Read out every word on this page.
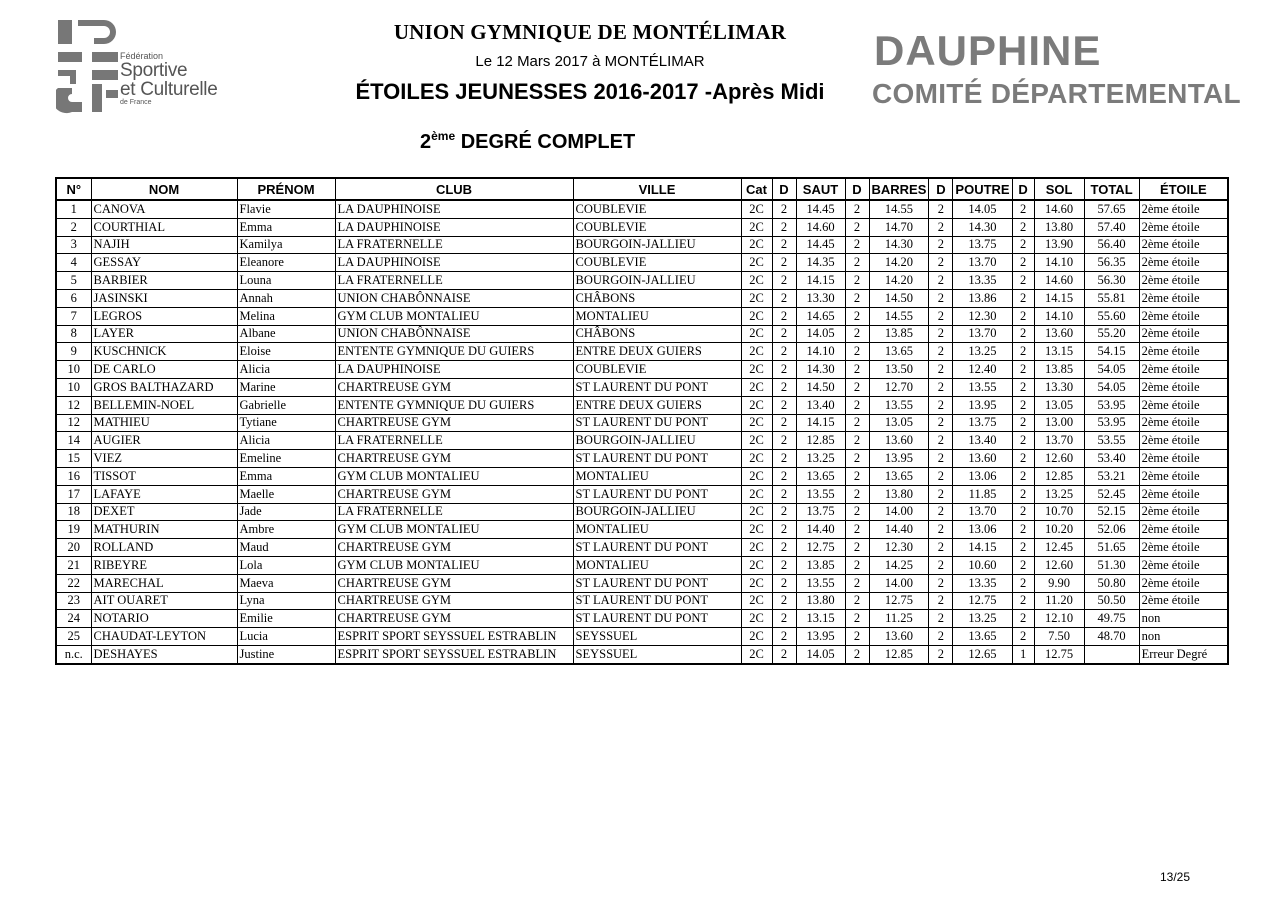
Fédération
Sportive
et Culturelle
de France
UNION GYMNIQUE DE MONTÉLIMAR
Le 12 Mars 2017 à MONTÉLIMAR
ÉTOILES JEUNESSES 2016-2017 -Après Midi
2ème DEGRÉ COMPLET
DAUPHINE
COMITÉ DÉPARTEMENTAL
N°	NOM	PRÉNOM	CLUB	VILLE	Cat	D	SAUT	D	BARRES	D	POUTRE	D	SOL	TOTAL	ÉTOILE
1	CANOVA	Flavie	LA DAUPHINOISE	COUBLEVIE	2C	2	14.45	2	14.55	2	14.05	2	14.60	57.65	2ème étoile
2	COURTHIAL	Emma	LA DAUPHINOISE	COUBLEVIE	2C	2	14.60	2	14.70	2	14.30	2	13.80	57.40	2ème étoile
3	NAJIH	Kamilya	LA FRATERNELLE	BOURGOIN-JALLIEU	2C	2	14.45	2	14.30	2	13.75	2	13.90	56.40	2ème étoile
4	GESSAY	Eleanore	LA DAUPHINOISE	COUBLEVIE	2C	2	14.35	2	14.20	2	13.70	2	14.10	56.35	2ème étoile
5	BARBIER	Louna	LA FRATERNELLE	BOURGOIN-JALLIEU	2C	2	14.15	2	14.20	2	13.35	2	14.60	56.30	2ème étoile
6	JASINSKI	Annah	UNION CHABÔNNAISE	CHÂBONS	2C	2	13.30	2	14.50	2	13.86	2	14.15	55.81	2ème étoile
7	LEGROS	Melina	GYM CLUB MONTALIEU	MONTALIEU	2C	2	14.65	2	14.55	2	12.30	2	14.10	55.60	2ème étoile
8	LAYER	Albane	UNION CHABÔNNAISE	CHÂBONS	2C	2	14.05	2	13.85	2	13.70	2	13.60	55.20	2ème étoile
9	KUSCHNICK	Eloise	ENTENTE GYMNIQUE DU GUIERS	ENTRE DEUX GUIERS	2C	2	14.10	2	13.65	2	13.25	2	13.15	54.15	2ème étoile
10	DE CARLO	Alicia	LA DAUPHINOISE	COUBLEVIE	2C	2	14.30	2	13.50	2	12.40	2	13.85	54.05	2ème étoile
10	GROS BALTHAZARD	Marine	CHARTREUSE GYM	ST LAURENT DU PONT	2C	2	14.50	2	12.70	2	13.55	2	13.30	54.05	2ème étoile
12	BELLEMIN-NOEL	Gabrielle	ENTENTE GYMNIQUE DU GUIERS	ENTRE DEUX GUIERS	2C	2	13.40	2	13.55	2	13.95	2	13.05	53.95	2ème étoile
12	MATHIEU	Tytiane	CHARTREUSE GYM	ST LAURENT DU PONT	2C	2	14.15	2	13.05	2	13.75	2	13.00	53.95	2ème étoile
14	AUGIER	Alicia	LA FRATERNELLE	BOURGOIN-JALLIEU	2C	2	12.85	2	13.60	2	13.40	2	13.70	53.55	2ème étoile
15	VIEZ	Emeline	CHARTREUSE GYM	ST LAURENT DU PONT	2C	2	13.25	2	13.95	2	13.60	2	12.60	53.40	2ème étoile
16	TISSOT	Emma	GYM CLUB MONTALIEU	MONTALIEU	2C	2	13.65	2	13.65	2	13.06	2	12.85	53.21	2ème étoile
17	LAFAYE	Maelle	CHARTREUSE GYM	ST LAURENT DU PONT	2C	2	13.55	2	13.80	2	11.85	2	13.25	52.45	2ème étoile
18	DEXET	Jade	LA FRATERNELLE	BOURGOIN-JALLIEU	2C	2	13.75	2	14.00	2	13.70	2	10.70	52.15	2ème étoile
19	MATHURIN	Ambre	GYM CLUB MONTALIEU	MONTALIEU	2C	2	14.40	2	14.40	2	13.06	2	10.20	52.06	2ème étoile
20	ROLLAND	Maud	CHARTREUSE GYM	ST LAURENT DU PONT	2C	2	12.75	2	12.30	2	14.15	2	12.45	51.65	2ème étoile
21	RIBEYRE	Lola	GYM CLUB MONTALIEU	MONTALIEU	2C	2	13.85	2	14.25	2	10.60	2	12.60	51.30	2ème étoile
22	MARECHAL	Maeva	CHARTREUSE GYM	ST LAURENT DU PONT	2C	2	13.55	2	14.00	2	13.35	2	9.90	50.80	2ème étoile
23	AIT OUARET	Lyna	CHARTREUSE GYM	ST LAURENT DU PONT	2C	2	13.80	2	12.75	2	12.75	2	11.20	50.50	2ème étoile
24	NOTARIO	Emilie	CHARTREUSE GYM	ST LAURENT DU PONT	2C	2	13.15	2	11.25	2	13.25	2	12.10	49.75	non
25	CHAUDAT-LEYTON	Lucia	ESPRIT SPORT SEYSSUEL ESTRABLIN	SEYSSUEL	2C	2	13.95	2	13.60	2	13.65	2	7.50	48.70	non
n.c.	DESHAYES	Justine	ESPRIT SPORT SEYSSUEL ESTRABLIN	SEYSSUEL	2C	2	14.05	2	12.85	2	12.65	1	12.75		Erreur Degré
13/25
